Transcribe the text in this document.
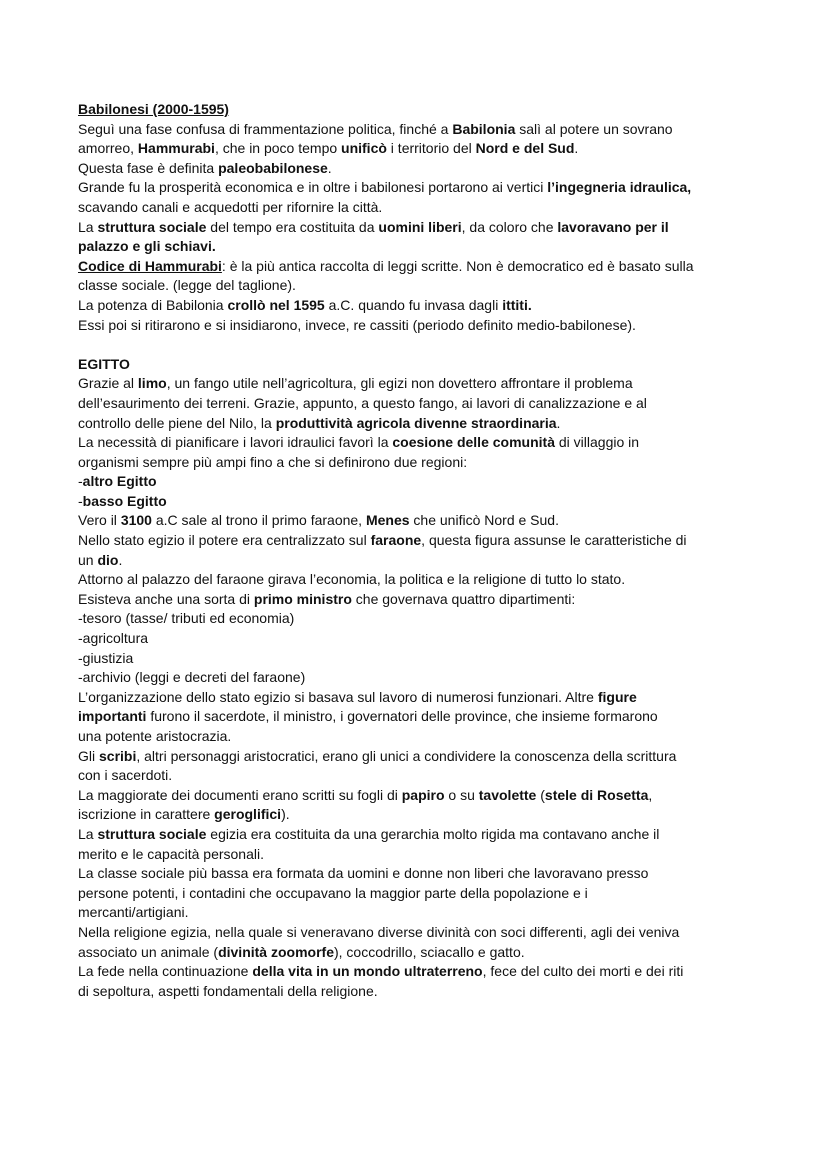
Babilonesi (2000-1595)
Seguì una fase confusa di frammentazione politica, finché a Babilonia salì al potere un sovrano
amorreo, Hammurabi, che in poco tempo unificò i territorio del Nord e del Sud.
Questa fase è definita paleobabilonese.
Grande fu la prosperità economica e in oltre i babilonesi portarono ai vertici l’ingegneria idraulica,
scavando canali e acquedotti per rifornire la città.
La struttura sociale del tempo era costituita da uomini liberi, da coloro che lavoravano per il
palazzo e gli schiavi.
Codice di Hammurabi: è la più antica raccolta di leggi scritte. Non è democratico ed è basato sulla
classe sociale. (legge del taglione).
La potenza di Babilonia crollò nel 1595 a.C. quando fu invasa dagli ittiti.
Essi poi si ritirarono e si insidiarono, invece, re cassiti (periodo definito medio-babilonese).
EGITTO
Grazie al limo, un fango utile nell’agricoltura, gli egizi non dovettero affrontare il problema
dell’esaurimento dei terreni. Grazie, appunto, a questo fango, ai lavori di canalizzazione e al
controllo delle piene del Nilo, la produttività agricola divenne straordinaria.
La necessità di pianificare i lavori idraulici favorì la coesione delle comunità di villaggio in
organismi sempre più ampi fino a che si definirono due regioni:
-altro Egitto
-basso Egitto
Vero il 3100 a.C sale al trono il primo faraone, Menes che unificò Nord e Sud.
Nello stato egizio il potere era centralizzato sul faraone, questa figura assunse le caratteristiche di
un dio.
Attorno al palazzo del faraone girava l’economia, la politica e la religione di tutto lo stato.
Esisteva anche una sorta di primo ministro che governava quattro dipartimenti:
-tesoro (tasse/ tributi ed economia)
-agricoltura
-giustizia
-archivio (leggi e decreti del faraone)
L’organizzazione dello stato egizio si basava sul lavoro di numerosi funzionari. Altre figure
importanti furono il sacerdote, il ministro, i governatori delle province, che insieme formarono
una potente aristocrazia.
Gli scribi, altri personaggi aristocratici, erano gli unici a condividere la conoscenza della scrittura
con i sacerdoti.
La maggiorate dei documenti erano scritti su fogli di papiro o su tavolette (stele di Rosetta,
iscrizione in carattere geroglifici).
La struttura sociale egizia era costituita da una gerarchia molto rigida ma contavano anche il
merito e le capacità personali.
La classe sociale più bassa era formata da uomini e donne non liberi che lavoravano presso
persone potenti, i contadini che occupavano la maggior parte della popolazione e i
mercanti/artigiani.
Nella religione egizia, nella quale si veneravano diverse divinità con soci differenti, agli dei veniva
associato un animale (divinità zoomorfe), coccodrillo, sciacallo e gatto.
La fede nella continuazione della vita in un mondo ultraterreno, fece del culto dei morti e dei riti
di sepoltura, aspetti fondamentali della religione.
